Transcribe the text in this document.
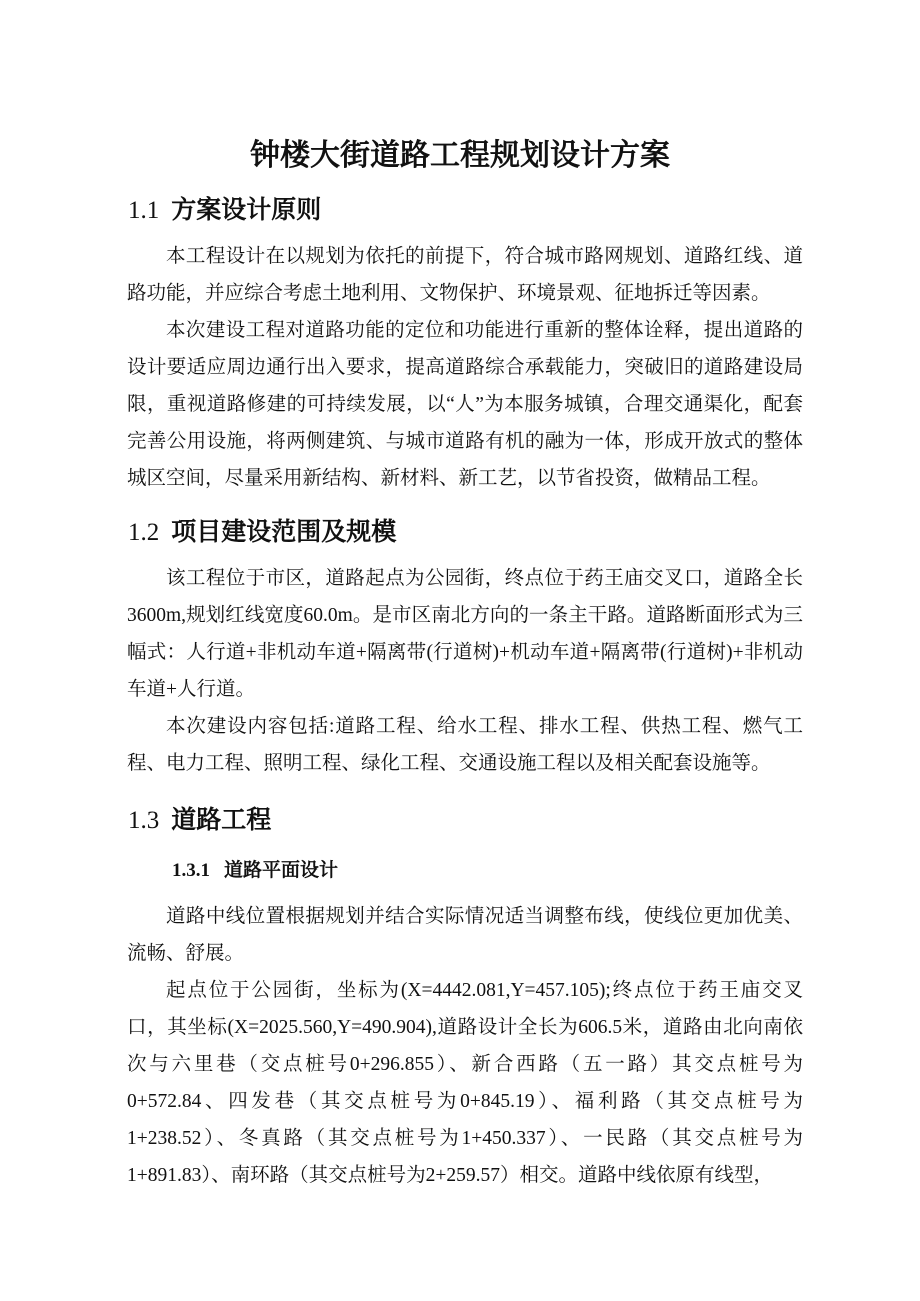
钟楼大街道路工程规划设计方案
1.1 方案设计原则

本工程设计在以规划为依托的前提下，符合城市路网规划、道路红线、道路功能，并应综合考虑土地利用、文物保护、环境景观、征地拆迁等因素。

本次建设工程对道路功能的定位和功能进行重新的整体诠释，提出道路的设计要适应周边通行出入要求，提高道路综合承载能力，突破旧的道路建设局限，重视道路修建的可持续发展，以“人”为本服务城镇，合理交通渠化，配套完善公用设施，将两侧建筑、与城市道路有机的融为一体，形成开放式的整体城区空间，尽量采用新结构、新材料、新工艺，以节省投资，做精品工程。

1.2 项目建设范围及规模

该工程位于市区，道路起点为公园街，终点位于药王庙交叉口，道路全长3600m,规划红线宽度60.0m。是市区南北方向的一条主干路。道路断面形式为三幅式：人行道+非机动车道+隔离带(行道树)+机动车道+隔离带(行道树)+非机动车道+人行道。

本次建设内容包括:道路工程、给水工程、排水工程、供热工程、燃气工程、电力工程、照明工程、绿化工程、交通设施工程以及相关配套设施等。

1.3 道路工程
1.3.1 道路平面设计

道路中线位置根据规划并结合实际情况适当调整布线，使线位更加优美、流畅、舒展。

起点位于公园街，坐标为(X=4442.081,Y=457.105);终点位于药王庙交叉口，其坐标(X=2025.560,Y=490.904),道路设计全长为606.5米，道路由北向南依次与六里巷（交点桩号0+296.855）、新合西路（五一路）其交点桩号为0+572.84、四发巷（其交点桩号为0+845.19）、福利路（其交点桩号为1+238.52）、冬真路（其交点桩号为1+450.337）、一民路（其交点桩号为1+891.83）、南环路（其交点桩号为2+259.57）相交。道路中线依原有线型，
